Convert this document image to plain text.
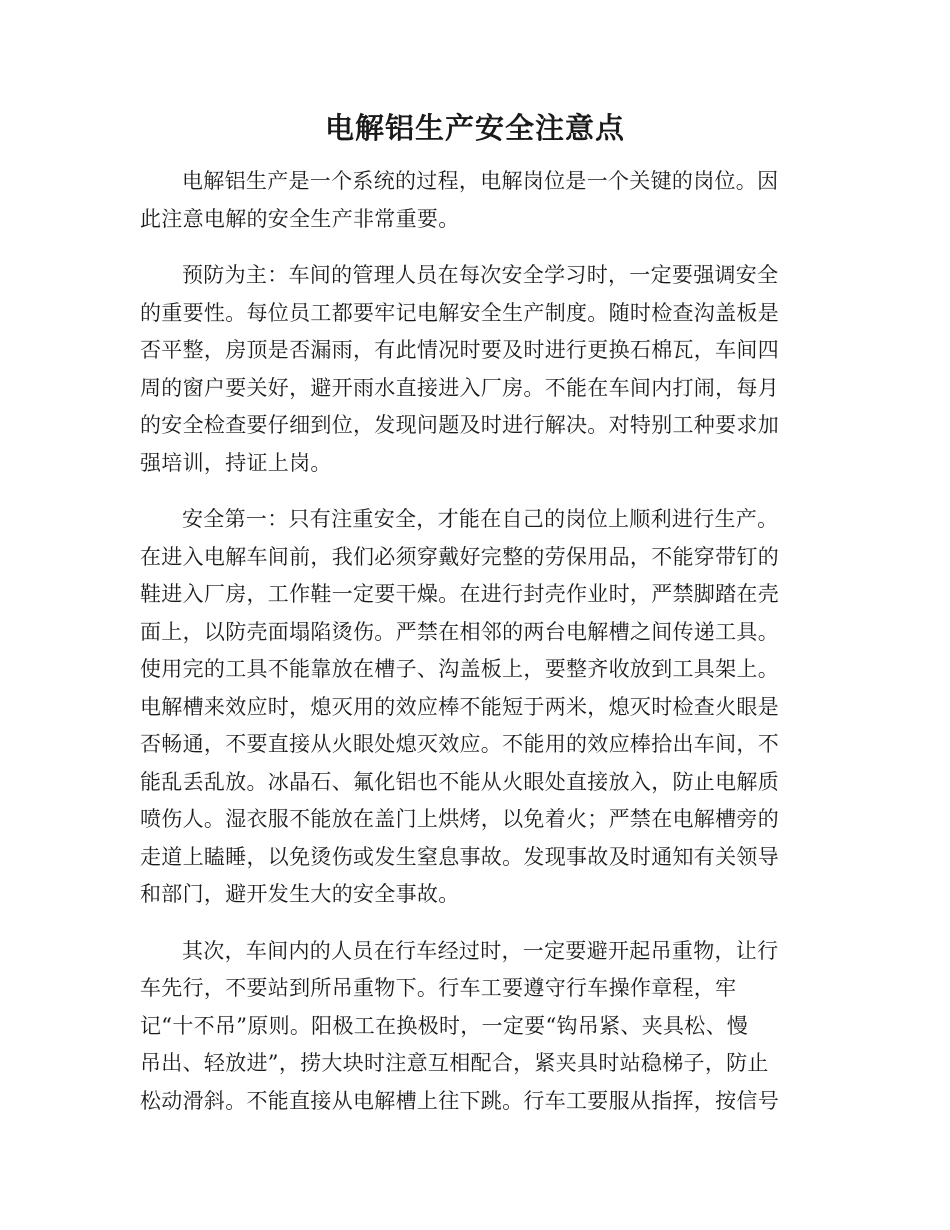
电解铝生产安全注意点

电解铝生产是一个系统的过程，电解岗位是一个关键的岗位。因
此注意电解的安全生产非常重要。

预防为主：车间的管理人员在每次安全学习时，一定要强调安全
的重要性。每位员工都要牢记电解安全生产制度。随时检查沟盖板是
否平整，房顶是否漏雨，有此情况时要及时进行更换石棉瓦，车间四
周的窗户要关好，避开雨水直接进入厂房。不能在车间内打闹，每月
的安全检查要仔细到位，发现问题及时进行解决。对特别工种要求加
强培训，持证上岗。

安全第一：只有注重安全，才能在自己的岗位上顺利进行生产。
在进入电解车间前，我们必须穿戴好完整的劳保用品，不能穿带钉的
鞋进入厂房，工作鞋一定要干燥。在进行封壳作业时，严禁脚踏在壳
面上，以防壳面塌陷烫伤。严禁在相邻的两台电解槽之间传递工具。
使用完的工具不能靠放在槽子、沟盖板上，要整齐收放到工具架上。
电解槽来效应时，熄灭用的效应棒不能短于两米，熄灭时检查火眼是
否畅通，不要直接从火眼处熄灭效应。不能用的效应棒拾出车间，不
能乱丢乱放。冰晶石、氟化铝也不能从火眼处直接放入，防止电解质
喷伤人。湿衣服不能放在盖门上烘烤，以免着火；严禁在电解槽旁的
走道上瞌睡，以免烫伤或发生窒息事故。发现事故及时通知有关领导
和部门，避开发生大的安全事故。

其次，车间内的人员在行车经过时，一定要避开起吊重物，让行
车先行，不要站到所吊重物下。行车工要遵守行车操作章程，牢
记“十不吊”原则。阳极工在换极时，一定要“钩吊紧、夹具松、慢
吊出、轻放进”，捞大块时注意互相配合，紧夹具时站稳梯子，防止
松动滑斜。不能直接从电解槽上往下跳。行车工要服从指挥，按信号
